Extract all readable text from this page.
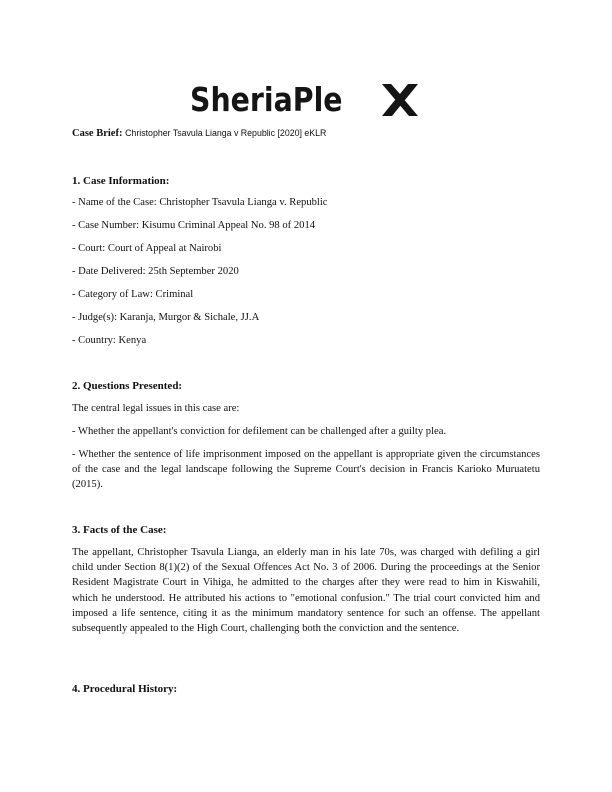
SheriaPle
Case Brief: Christopher Tsavula Lianga v Republic [2020] eKLR
1. Case Information:
- Name of the Case: Christopher Tsavula Lianga v. Republic
- Case Number: Kisumu Criminal Appeal No. 98 of 2014
- Court: Court of Appeal at Nairobi
- Date Delivered: 25th September 2020
- Category of Law: Criminal
- Judge(s): Karanja, Murgor & Sichale, JJ.A
- Country: Kenya
2. Questions Presented:
The central legal issues in this case are:
- Whether the appellant's conviction for defilement can be challenged after a guilty plea.
- Whether the sentence of life imprisonment imposed on the appellant is appropriate given the circumstances of the case and the legal landscape following the Supreme Court's decision in Francis Karioko Muruatetu (2015).
3. Facts of the Case:
The appellant, Christopher Tsavula Lianga, an elderly man in his late 70s, was charged with defiling a girl child under Section 8(1)(2) of the Sexual Offences Act No. 3 of 2006. During the proceedings at the Senior Resident Magistrate Court in Vihiga, he admitted to the charges after they were read to him in Kiswahili, which he understood. He attributed his actions to "emotional confusion." The trial court convicted him and imposed a life sentence, citing it as the minimum mandatory sentence for such an offense. The appellant subsequently appealed to the High Court, challenging both the conviction and the sentence.
4. Procedural History:
